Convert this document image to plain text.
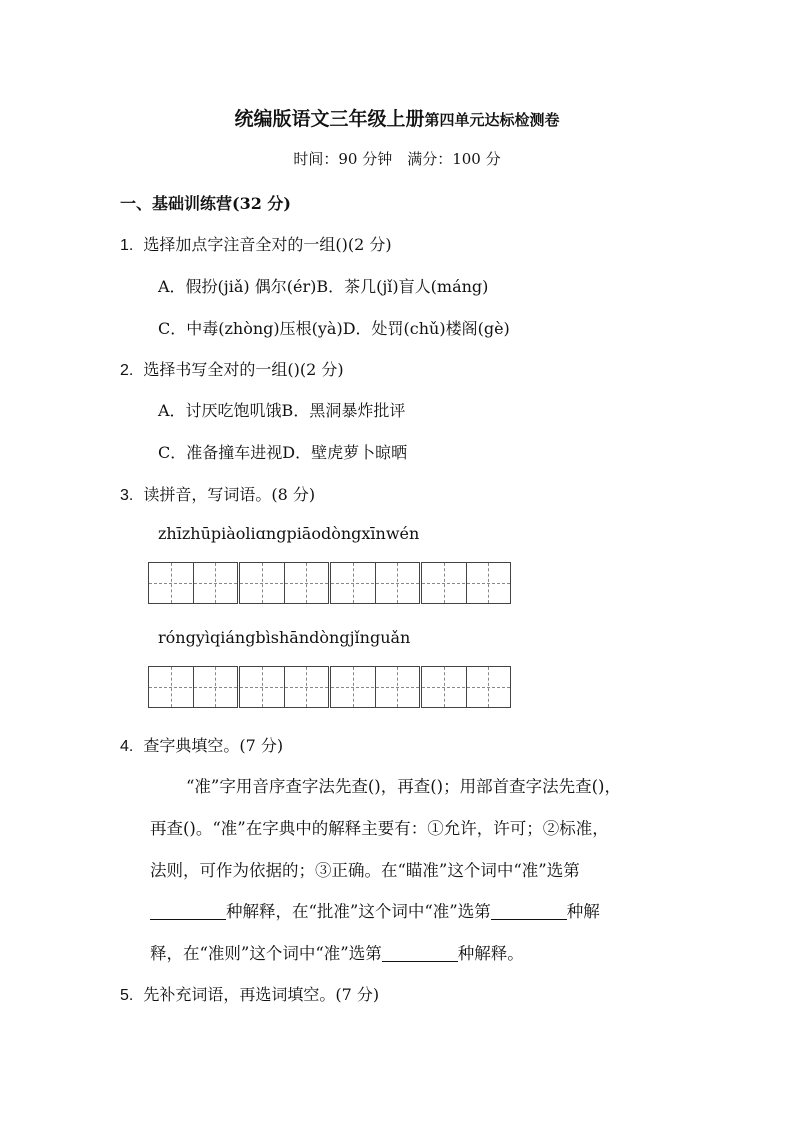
统编版语文三年级上册第四单元达标检测卷
时间：90 分钟　满分：100 分
一、基础训练营(32 分)
1. 选择加点字注音全对的一组()(2 分)
A．假扮(jiǎ) 偶尔(ér)B．茶几(jǐ)盲人(máng)
C．中毒(zhòng)压根(yà)D．处罚(chǔ)楼阁(gè)
2. 选择书写全对的一组()(2 分)
A．讨厌吃饱叽饿B．黑洞暴炸批评
C．准备撞车进视D．壁虎萝卜晾晒
3. 读拼音，写词语。(8 分)
zhīzhūpiàoliɑngpiāodòngxīnwén
róngyìqiángbìshāndòngjǐnguǎn
4. 查字典填空。(7 分)
“准”字用音序查字法先查()，再查()；用部首查字法先查()，
再查()。“准”在字典中的解释主要有：①允许，许可；②标准，
法则，可作为依据的；③正确。在“瞄准”这个词中“准”选第
种解释，在“批准”这个词中“准”选第	种解
释，在“准则”这个词中“准”选第	种解释。
5. 先补充词语，再选词填空。(7 分)
